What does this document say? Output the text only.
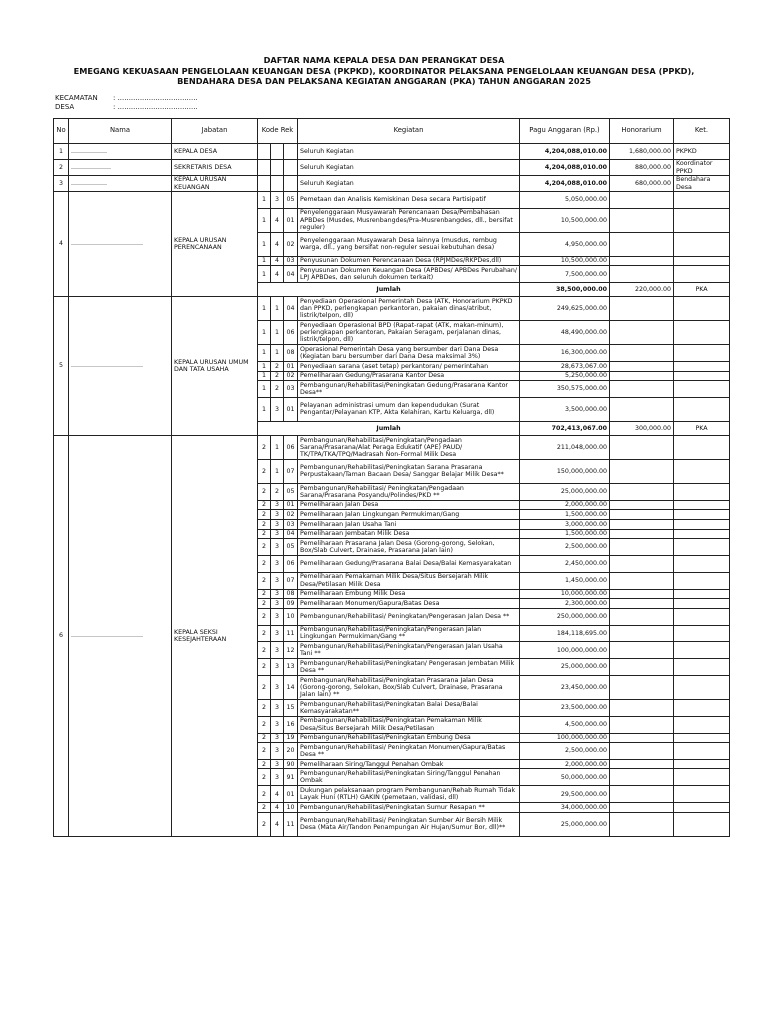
DAFTAR NAMA KEPALA DESA DAN PERANGKAT DESA
EMEGANG KEKUASAAN PENGELOLAAN KEUANGAN DESA (PKPKD), KOORDINATOR PELAKSANA PENGELOLAAN KEUANGAN DESA (PPKD),
BENDAHARA DESA DAN PELAKSANA KEGIATAN ANGGARAN (PKA) TAHUN ANGGARAN 2025
KECAMATAN	: ....................................
DESA	: ....................................
No	Nama	Jabatan	Kode Rek			Kegiatan	Pagu Anggaran (Rp.)	Honorarium	Ket.
1	..................	KEPALA DESA				Seluruh Kegiatan	4,204,088,010.00	1,680,000.00	PKPKD
2	....................	SEKRETARIS DESA				Seluruh Kegiatan	4,204,088,010.00	880,000.00	Koordinator PPKD
3	..................	KEPALA URUSAN KEUANGAN				Seluruh Kegiatan	4,204,088,010.00	680,000.00	Bendahara Desa
4	....................................	KEPALA URUSAN PERENCANAAN	1	3	05	Pemetaan dan Analisis Kemiskinan Desa secara Partisipatif	5,050,000.00		
			1	4	01	Penyelenggaraan Musyawarah Perencanaan Desa/Pembahasan APBDes (Musdes, Musrenbangdes/Pra-Musrenbangdes, dll., bersifat reguler)	10,500,000.00		
			1	4	02	Penyelenggaraan Musyawarah Desa lainnya (musdus, rembug warga, dll., yang bersifat non-reguler sesuai kebutuhan desa)	4,950,000.00		
			1	4	03	Penyusunan Dokumen Perencanaan Desa (RPJMDes/RKPDes,dll)	10,500,000.00		
			1	4	04	Penyusunan Dokumen Keuangan Desa (APBDes/ APBDes Perubahan/ LPJ APBDes, dan seluruh dokumen terkait)	7,500,000.00		
			Jumlah				38,500,000.00	220,000.00	PKA
5	....................................	KEPALA URUSAN UMUM DAN TATA USAHA	1	1	04	Penyediaan Operasional Pemerintah Desa (ATK, Honorarium PKPKD dan PPKD, perlengkapan perkantoran, pakaian dinas/atribut, listrik/telpon, dll)	249,625,000.00		
			1	1	06	Penyediaan Operasional BPD (Rapat-rapat (ATK, makan-minum), perlengkapan perkantoran, Pakaian Seragam, perjalanan dinas, listrik/telpon, dll)	48,490,000.00		
			1	1	08	Operasional Pemerintah Desa yang bersumber dari Dana Desa (Kegiatan baru bersumber dari Dana Desa maksimal 3%)	16,300,000.00		
			1	2	01	Penyediaan sarana (aset tetap) perkantoran/ pemerintahan	28,673,067.00		
			1	2	02	Pemeliharaan Gedung/Prasarana Kantor Desa	5,250,000.00		
			1	2	03	Pembangunan/Rehabilitasi/Peningkatan Gedung/Prasarana Kantor Desa**	350,575,000.00		
			1	3	01	Pelayanan administrasi umum dan kependudukan (Surat Pengantar/Pelayanan KTP, Akta Kelahiran, Kartu Keluarga, dll)	3,500,000.00		
			Jumlah				702,413,067.00	300,000.00	PKA
6	....................................	KEPALA SEKSI KESEJAHTERAAN	2	1	06	Pembangunan/Rehabilitasi/Peningkatan/Pengadaan Sarana/Prasarana/Alat Peraga Edukatif (APE) PAUD/ TK/TPA/TKA/TPQ/Madrasah Non-Formal Milik Desa	211,048,000.00		
			2	1	07	Pembangunan/Rehabilitasi/Peningkatan Sarana Prasarana Perpustakaan/Taman Bacaan Desa/ Sanggar Belajar Milik Desa**	150,000,000.00		
			2	2	05	Pembangunan/Rehabilitasi/ Peningkatan/Pengadaan Sarana/Prasarana Posyandu/Polindes/PKD **	25,000,000.00		
			2	3	01	Pemeliharaan Jalan Desa	2,000,000.00		
			2	3	02	Pemeliharaan Jalan Lingkungan Permukiman/Gang	1,500,000.00		
			2	3	03	Pemeliharaan Jalan Usaha Tani	3,000,000.00		
			2	3	04	Pemeliharaan Jembatan Milik Desa	1,500,000.00		
			2	3	05	Pemeliharaan Prasarana Jalan Desa (Gorong-gorong, Selokan, Box/Slab Culvert, Drainase, Prasarana Jalan lain)	2,500,000.00		
			2	3	06	Pemeliharaan Gedung/Prasarana Balai Desa/Balai Kemasyarakatan	2,450,000.00		
			2	3	07	Pemeliharaan Pemakaman Milik Desa/Situs Bersejarah Milik Desa/Petilasan Milik Desa	1,450,000.00		
			2	3	08	Pemeliharaan Embung Milik Desa	10,000,000.00		
			2	3	09	Pemeliharaan Monumen/Gapura/Batas Desa	2,300,000.00		
			2	3	10	Pembangunan/Rehabilitasi/ Peningkatan/Pengerasan Jalan Desa **	250,000,000.00		
			2	3	11	Pembangunan/Rehabilitasi/Peningkatan/Pengerasan Jalan Lingkungan Permukiman/Gang **	184,118,695.00		
			2	3	12	Pembangunan/Rehabilitasi/Peningkatan/Pengerasan Jalan Usaha Tani **	100,000,000.00		
			2	3	13	Pembangunan/Rehabilitasi/Peningkatan/ Pengerasan Jembatan Milik Desa **	25,000,000.00		
			2	3	14	Pembangunan/Rehabilitasi/Peningkatan Prasarana Jalan Desa (Gorong-gorong, Selokan, Box/Slab Culvert, Drainase, Prasarana Jalan lain) **	23,450,000.00		
			2	3	15	Pembangunan/Rehabilitasi/Peningkatan Balai Desa/Balai Kemasyarakatan**	23,500,000.00		
			2	3	16	Pembangunan/Rehabilitasi/Peningkatan Pemakaman Milik Desa/Situs Bersejarah Milik Desa/Petilasan	4,500,000.00		
			2	3	19	Pembangunan/Rehabilitasi/Peningkatan Embung Desa	100,000,000.00		
			2	3	20	Pembangunan/Rehabilitasi/ Peningkatan Monumen/Gapura/Batas Desa **	2,500,000.00		
			2	3	90	Pemeliharaan Siring/Tanggul Penahan Ombak	2,000,000.00		
			2	3	91	Pembangunan/Rehabilitasi/Peningkatan Siring/Tanggul Penahan Ombak	50,000,000.00		
			2	4	01	Dukungan pelaksanaan program Pembangunan/Rehab Rumah Tidak Layak Huni (RTLH) GAKIN (pemetaan, validasi, dll)	29,500,000.00		
			2	4	10	Pembangunan/Rehabilitasi/Peningkatan Sumur Resapan **	34,000,000.00		
			2	4	11	Pembangunan/Rehabilitasi/ Peningkatan Sumber Air Bersih Milik Desa (Mata Air/Tandon Penampungan Air Hujan/Sumur Bor, dll)**	25,000,000.00		
